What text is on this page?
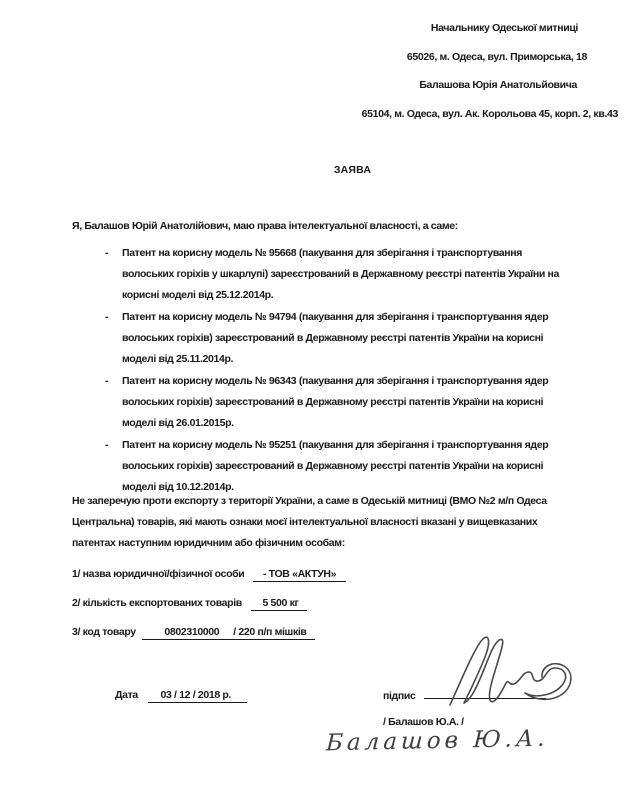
Начальнику Одеської митниці
65026, м. Одеса, вул. Приморська, 18
Балашова Юрія Анатольйовича
65104, м. Одеса, вул. Ак. Корольова 45, корп. 2, кв.43
ЗАЯВА

Я, Балашов Юрій Анатолійович, маю права інтелектуальної власності, а саме:

- Патент на корисну модель № 95668 (пакування для зберігання і транспортування волоських горіхів у шкарлупі) зареєстрований в Державному реєстрі патентів України на корисні моделі від 25.12.2014р.
- Патент на корисну модель № 94794 (пакування для зберігання і транспортування ядер волоських горіхів) зареєстрований в Державному реєстрі патентів України на корисні моделі від 25.11.2014р.
- Патент на корисну модель № 96343 (пакування для зберігання і транспортування ядер волоських горіхів) зареєстрований в Державному реєстрі патентів України на корисні моделі від 26.01.2015р.
- Патент на корисну модель № 95251 (пакування для зберігання і транспортування ядер волоських горіхів) зареєстрований в Державному реєстрі патентів України на корисні моделі від 10.12.2014р.

Не заперечую проти експорту з території України, а саме в Одеській митниці (ВМО №2 м/п Одеса Центральна) товарів, які мають ознаки моєї інтелектуальної власності вказані у вищевказаних патентах наступним юридичним або фізичним особам:

1/ назва юридичної/фізичної особи - ТОВ «АКТУН»
2/ кількість експортованих товарів 5 500 кг
3/ код товару	0802310000 / 220 п/п мішків
Дата 03 / 12 / 2018 р.	підпис
/ Балашов Ю.А. /
Балашов Ю.А.
